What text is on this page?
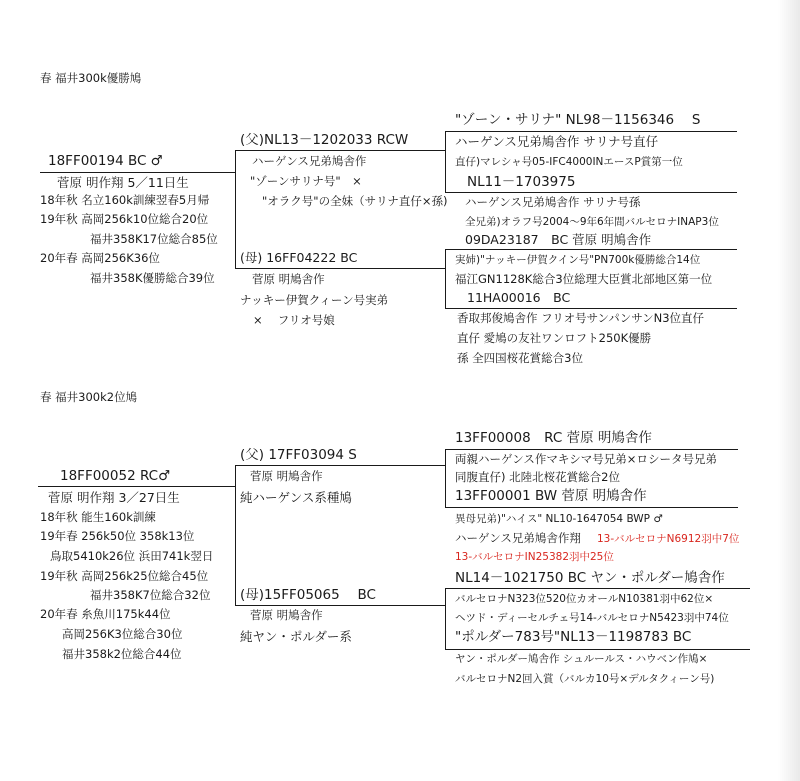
春 福井300k優勝鳩
18FF00194 BC ♂
菅原 明作翔 5／11日生
18年秋 名立160k訓練翌春5月帰
19年秋 高岡256k10位総合20位
福井358K17位総合85位
20年春 高岡256K36位
福井358K優勝総合39位
(父)NL13－1202033 RCW
ハーゲンス兄弟鳩舎作
"ゾーンサリナ号"　×
"オラク号"の全妹（サリナ直仔×孫)
(母) 16FF04222 BC
菅原 明鳩舎作
ナッキー伊賀クィーン号実弟
×　 フリオ号娘
"ゾーン・サリナ" NL98－1156346　 S
ハーゲンス兄弟鳩舎作 サリナ号直仔
直仔)マレシャ号05-IFC4000INエースP賞第一位
NL11－1703975
ハーゲンス兄弟鳩舎作 サリナ号孫
全兄弟)オラフ号2004～9年6年間バルセロナINAP3位
09DA23187　BC 菅原 明鳩舎作
実姉)"ナッキー伊賀クイン号"PN700k優勝総合14位
福江GN1128K総合3位総理大臣賞北部地区第一位
11HA00016　BC
香取邦俊鳩舎作 フリオ号サンパンサンN3位直仔
直仔 愛鳩の友社ワンロフト250K優勝
孫 全四国桜花賞総合3位
春 福井300k2位鳩
18FF00052 RC♂
菅原 明作翔 3／27日生
18年秋 能生160k訓練
19年春 256k50位 358k13位
鳥取5410k26位 浜田741k翌日
19年秋 高岡256k25位総合45位
福井358K7位総合32位
20年春 糸魚川175k44位
高岡256K3位総合30位
福井358k2位総合44位
(父) 17FF03094 S
菅原 明鳩舎作
純ハーゲンス系種鳩
(母)15FF05065　 BC
菅原 明鳩舎作
純ヤン・ポルダー系
13FF00008　RC 菅原 明鳩舎作
両親ハーゲンス作マキシマ号兄弟×ロシータ号兄弟
同腹直仔) 北陸北桜花賞総合2位
13FF00001 BW 菅原 明鳩舎作
異母兄弟)"ハイス" NL10-1647054 BWP ♂
ハーゲンス兄弟鳩舎作翔 13-バルセロナN6912羽中7位
13-バルセロナIN25382羽中25位
NL14－1021750 BC ヤン・ポルダー鳩舎作
バルセロナN323位520位カオールN10381羽中62位×
ヘツド・ディーセルチェ号14-バルセロナN5423羽中74位
"ポルダー783号"NL13－1198783 BC
ヤン・ポルダー鳩舎作 シュルールス・ハウベン作鳩×
バルセロナN2回入賞（バルカ10号×デルタクィーン号)
